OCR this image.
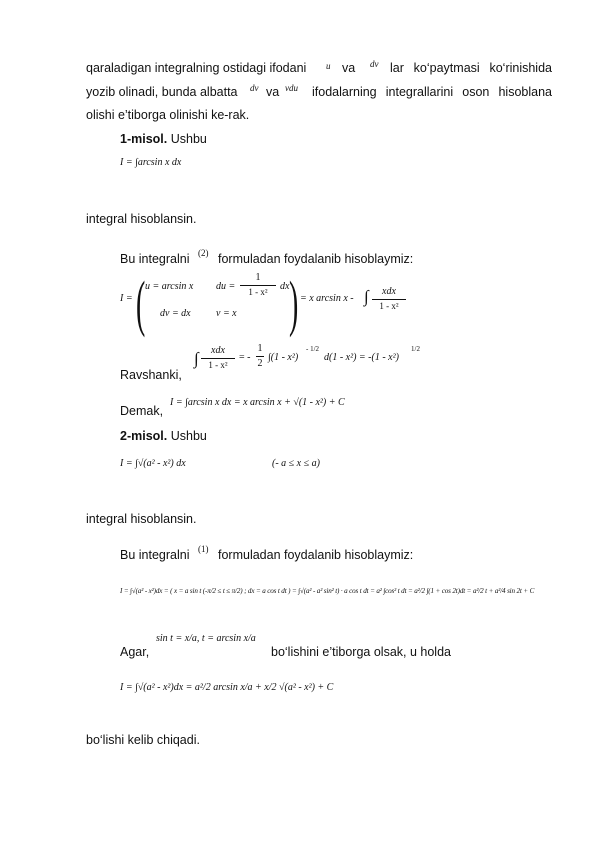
qaraladigan integralning ostidagi ifodani u va dv lar ko‘paytmasi ko‘rinishida
yozib olinadi, bunda albatta dv va vdu ifodalarning integrallarini oson hisoblana
olishi e’tiborga olinishi ke-rak.
1-misol. Ushbu
I = ∫arcsin x dx
integral hisoblansin.
Bu integralni (2) formuladan foydalanib hisoblaymiz:
I = ( u = arcsin x du =
1
1 - x²	dx
dv = dx	v = x ) = x arcsin x - ∫	xdx
1 - x²
Ravshanki,
∫	xdx
1 - x²
= -
1
2
∫(1 - x²)
- 1/2
d(1 - x²) = -(1 - x²)
1/2
Demak,
I = ∫arcsin x dx = x arcsin x + √(1 - x²) + C
2-misol. Ushbu
I = ∫√(a² - x²) dx	(- a ≤ x ≤ a)
integral hisoblansin.
Bu integralni (1) formuladan foydalanib hisoblaymiz:
I = ∫√(a² - x²)dx = ( x = a sin t (-π/2 ≤ t ≤ π/2) ; dx = a cos t dt ) = ∫√(a² - a² sin² t) · a cos t dt = a² ∫cos² t dt = a²/2 ∫(1 + cos 2t)dt = a²/2 t + a²/4 sin 2t + C
Agar,
sin t = x/a, t = arcsin x/a
bo‘lishini e’tiborga olsak, u holda
I = ∫√(a² - x²)dx = a²/2 arcsin x/a + x/2 √(a² - x²) + C
bo‘lishi kelib chiqadi.
